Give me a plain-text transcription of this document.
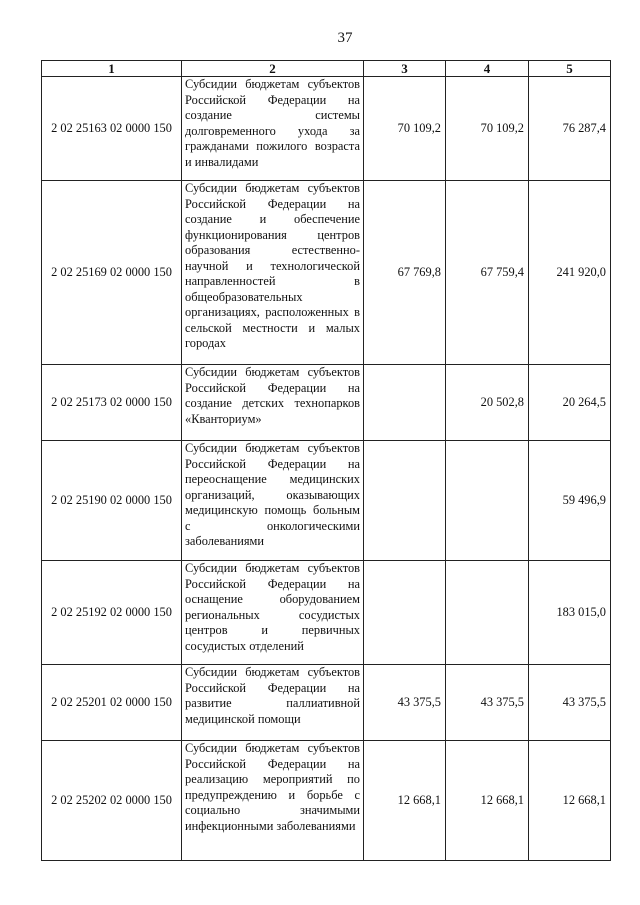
37
1	2	3	4	5
2 02 25163 02 0000 150	Субсидии бюджетам субъектов Российской Федерации на создание системы долговременного ухода за гражданами пожилого возраста и инвалидами	70 109,2	70 109,2	76 287,4
2 02 25169 02 0000 150	Субсидии бюджетам субъектов Российской Федерации на создание и обеспечение функционирования центров образования естественно-научной и технологической направленностей в общеобразовательных организациях, расположенных в сельской местности и малых городах	67 769,8	67 759,4	241 920,0
2 02 25173 02 0000 150	Субсидии бюджетам субъектов Российской Федерации на создание детских технопарков «Кванториум»		20 502,8	20 264,5
2 02 25190 02 0000 150	Субсидии бюджетам субъектов Российской Федерации на переоснащение медицинских организаций, оказывающих медицинскую помощь больным с онкологическими заболеваниями			59 496,9
2 02 25192 02 0000 150	Субсидии бюджетам субъектов Российской Федерации на оснащение оборудованием региональных сосудистых центров и первичных сосудистых отделений			183 015,0
2 02 25201 02 0000 150	Субсидии бюджетам субъектов Российской Федерации на развитие паллиативной медицинской помощи	43 375,5	43 375,5	43 375,5
2 02 25202 02 0000 150	Субсидии бюджетам субъектов Российской Федерации на реализацию мероприятий по предупреждению и борьбе с социально значимыми инфекционными заболеваниями	12 668,1	12 668,1	12 668,1
